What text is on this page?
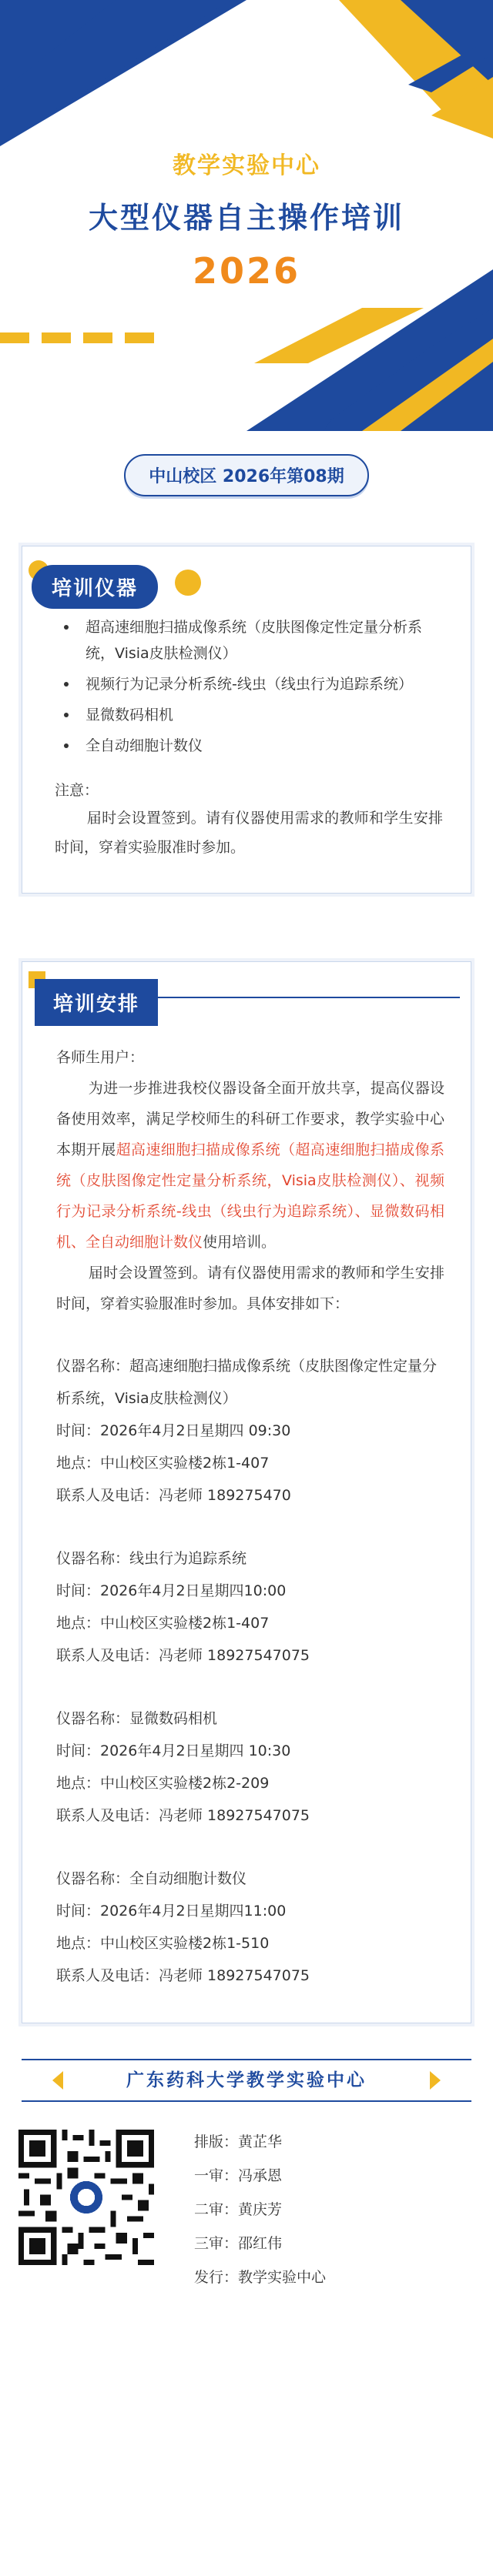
教学实验中心
大型仪器自主操作培训
2026
中山校区 2026年第08期
培训仪器
超高速细胞扫描成像系统（皮肤图像定性定量分析系统，Visia皮肤检测仪）
视频行为记录分析系统-线虫（线虫行为追踪系统）
显微数码相机
全自动细胞计数仪
注意：
届时会设置签到。请有仪器使用需求的教师和学生安排时间，穿着实验服准时参加。
培训安排
各师生用户：
为进一步推进我校仪器设备全面开放共享，提高仪器设备使用效率，满足学校师生的科研工作要求，教学实验中心本期开展超高速细胞扫描成像系统（超高速细胞扫描成像系统（皮肤图像定性定量分析系统，Visia皮肤检测仪）、视频行为记录分析系统-线虫（线虫行为追踪系统）、显微数码相机、全自动细胞计数仪使用培训。
届时会设置签到。请有仪器使用需求的教师和学生安排时间，穿着实验服准时参加。具体安排如下：
仪器名称：超高速细胞扫描成像系统（皮肤图像定性定量分析系统，Visia皮肤检测仪）
时间：2026年4月2日星期四 09:30
地点：中山校区实验楼2栋1-407
联系人及电话：冯老师 189275470
仪器名称：线虫行为追踪系统
时间：2026年4月2日星期四10:00
地点：中山校区实验楼2栋1-407
联系人及电话：冯老师 18927547075
仪器名称：显微数码相机
时间：2026年4月2日星期四 10:30
地点：中山校区实验楼2栋2-209
联系人及电话：冯老师 18927547075
仪器名称：全自动细胞计数仪
时间：2026年4月2日星期四11:00
地点：中山校区实验楼2栋1-510
联系人及电话：冯老师 18927547075
广东药科大学教学实验中心
排版：黄芷华
一审：冯承恩
二审：黄庆芳
三审：邵红伟
发行：教学实验中心
